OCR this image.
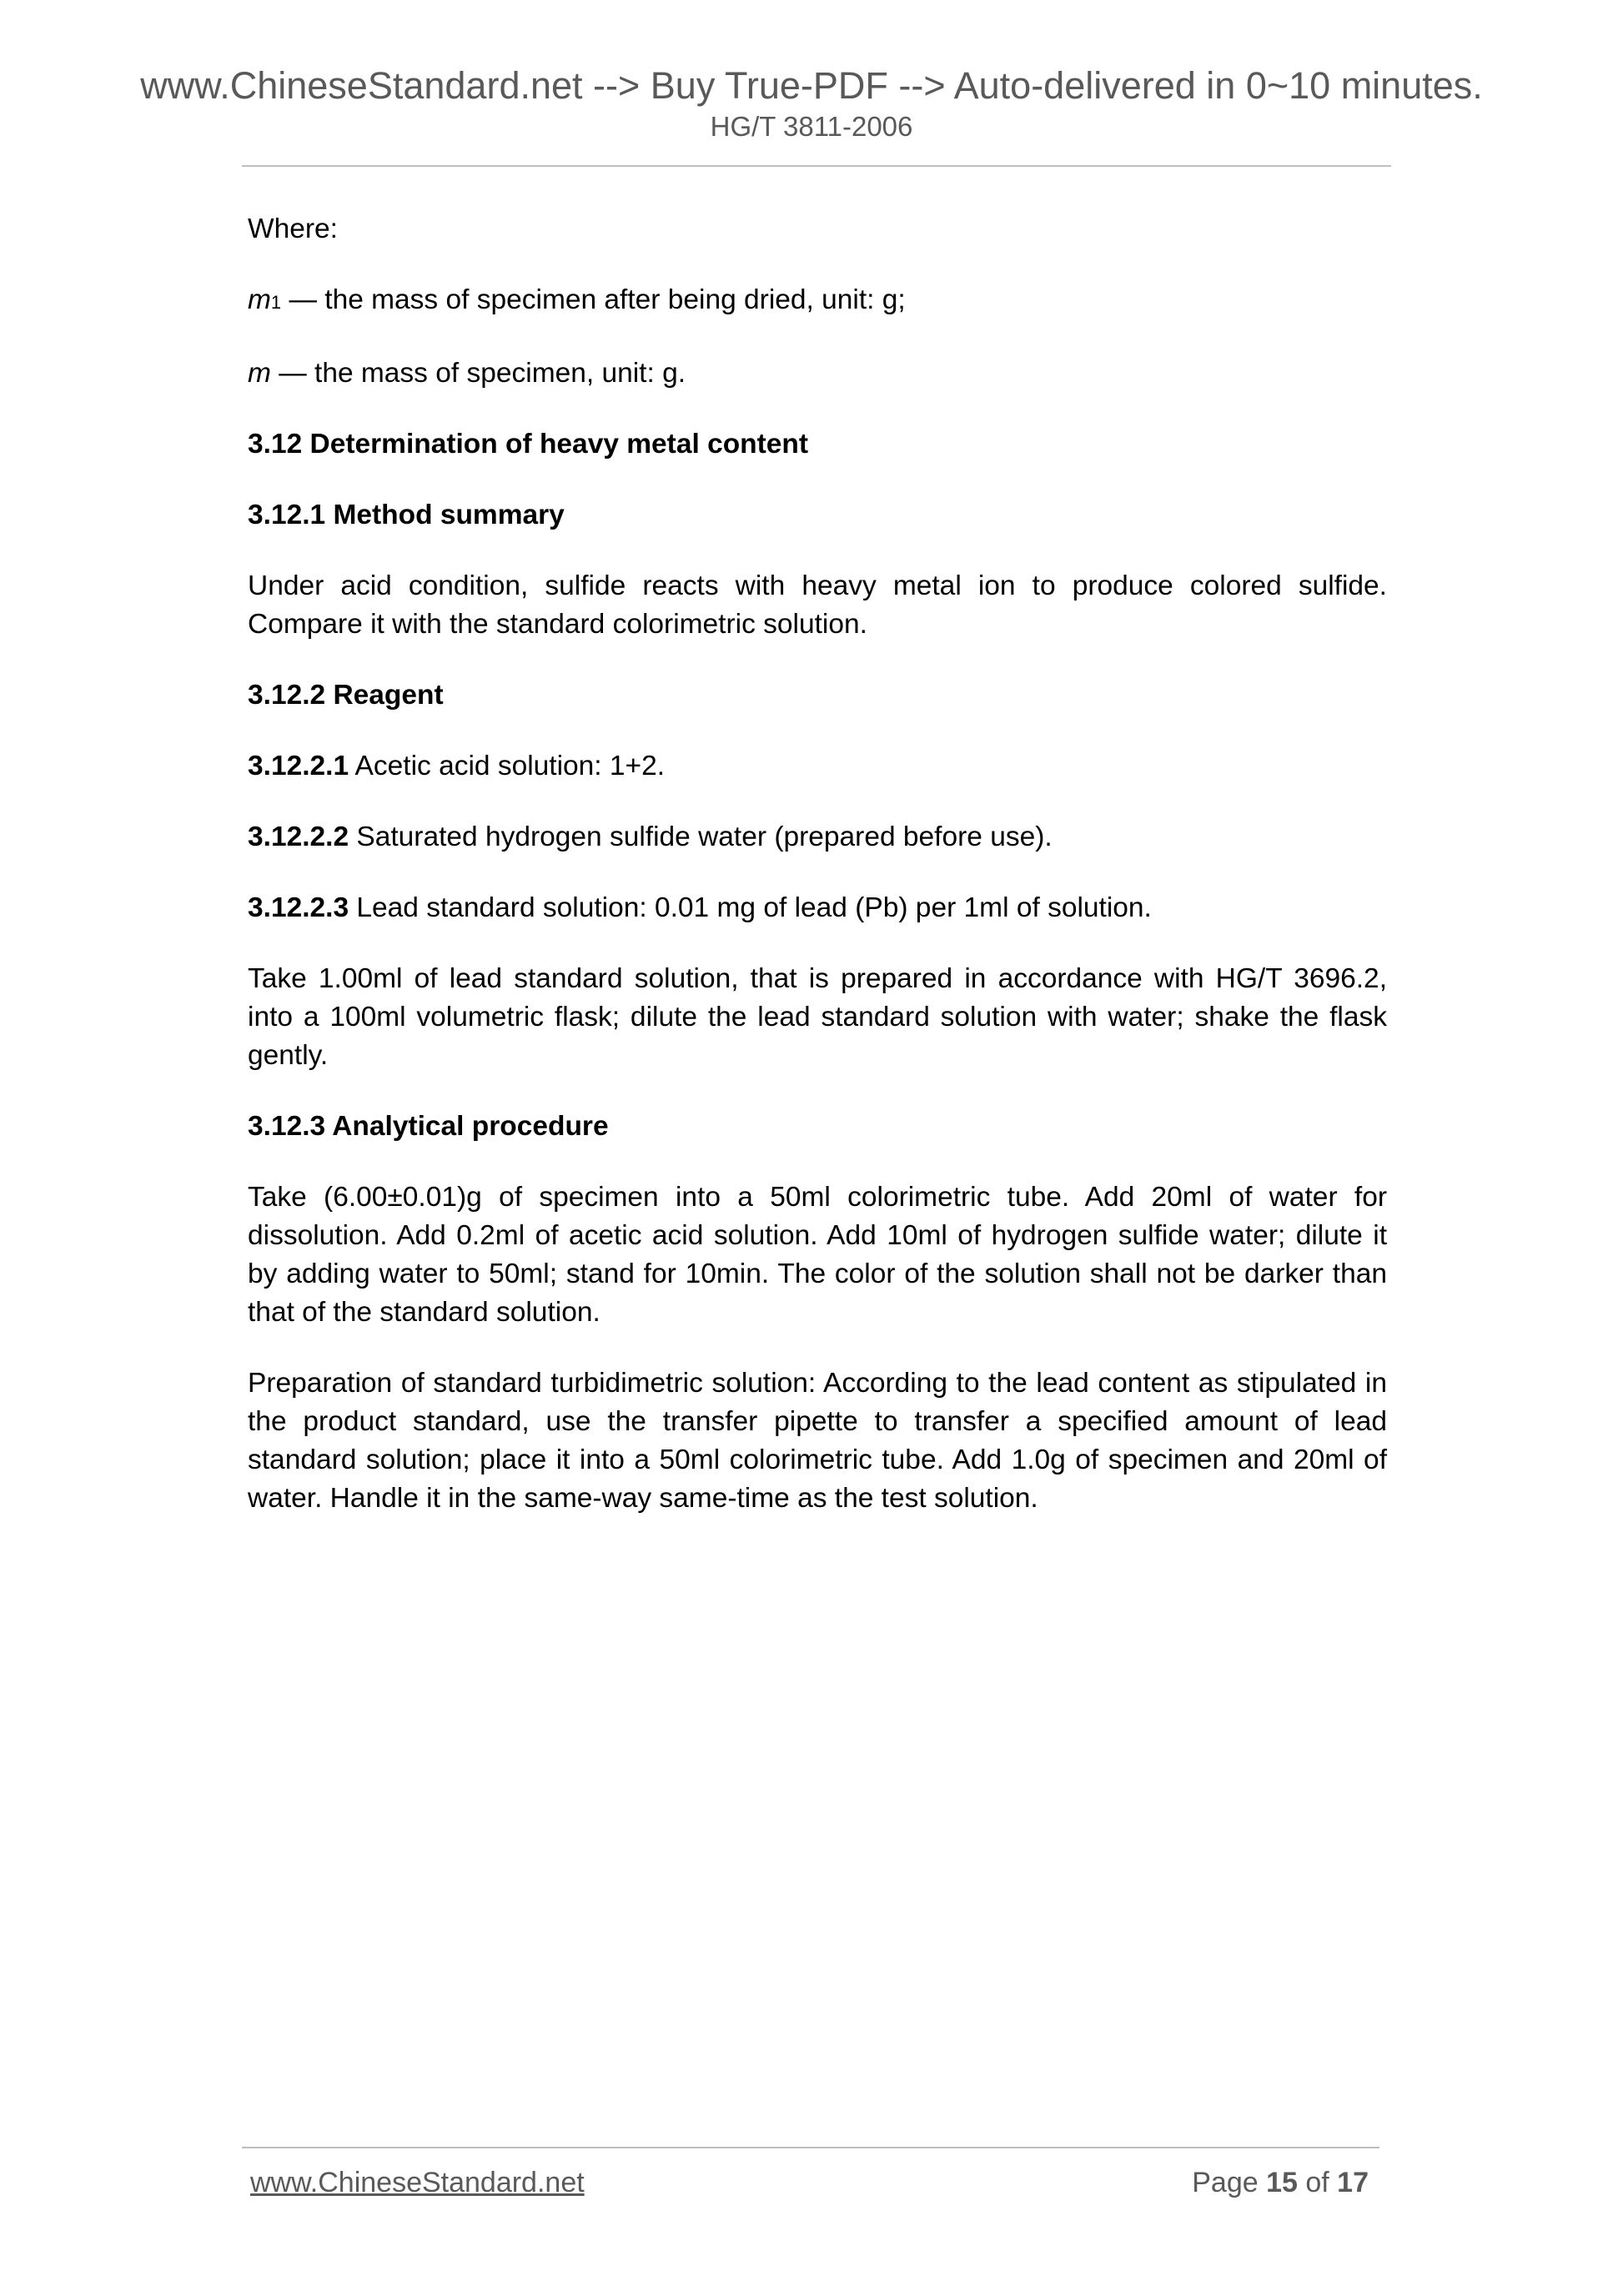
www.ChineseStandard.net --> Buy True-PDF --> Auto-delivered in 0~10 minutes.
HG/T 3811-2006

Where:

m1 — the mass of specimen after being dried, unit: g;

m — the mass of specimen, unit: g.

3.12 Determination of heavy metal content

3.12.1 Method summary

Under acid condition, sulfide reacts with heavy metal ion to produce colored sulfide. Compare it with the standard colorimetric solution.

3.12.2 Reagent

3.12.2.1 Acetic acid solution: 1+2.

3.12.2.2 Saturated hydrogen sulfide water (prepared before use).

3.12.2.3 Lead standard solution: 0.01 mg of lead (Pb) per 1ml of solution.

Take 1.00ml of lead standard solution, that is prepared in accordance with HG/T 3696.2, into a 100ml volumetric flask; dilute the lead standard solution with water; shake the flask gently.

3.12.3 Analytical procedure

Take (6.00±0.01)g of specimen into a 50ml colorimetric tube. Add 20ml of water for dissolution. Add 0.2ml of acetic acid solution. Add 10ml of hydrogen sulfide water; dilute it by adding water to 50ml; stand for 10min. The color of the solution shall not be darker than that of the standard solution.

Preparation of standard turbidimetric solution: According to the lead content as stipulated in the product standard, use the transfer pipette to transfer a specified amount of lead standard solution; place it into a 50ml colorimetric tube. Add 1.0g of specimen and 20ml of water. Handle it in the same-way same-time as the test solution.

www.ChineseStandard.net	Page 15 of 17
